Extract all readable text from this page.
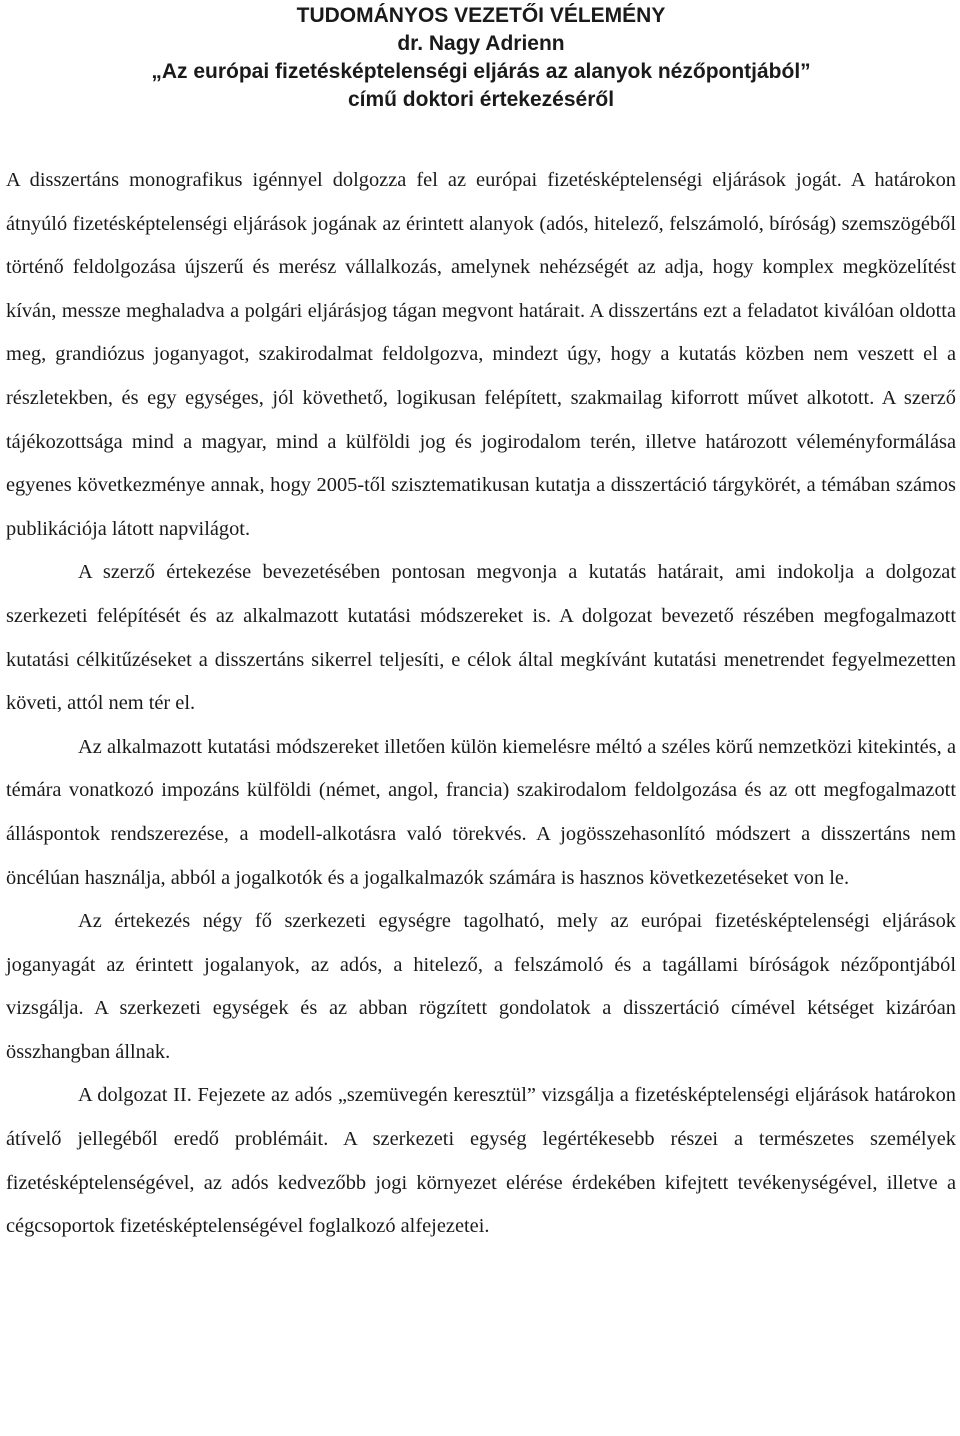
TUDOMÁNYOS VEZETŐI VÉLEMÉNY
dr. Nagy Adrienn
„Az európai fizetésképtelenségi eljárás az alanyok nézőpontjából”
című doktori értekezéséről

A disszertáns monografikus igénnyel dolgozza fel az európai fizetésképtelenségi eljárások jogát. A határokon átnyúló fizetésképtelenségi eljárások jogának az érintett alanyok (adós, hitelező, felszámoló, bíróság) szemszögéből történő feldolgozása újszerű és merész vállalkozás, amelynek nehézségét az adja, hogy komplex megközelítést kíván, messze meghaladva a polgári eljárásjog tágan megvont határait. A disszertáns ezt a feladatot kiválóan oldotta meg, grandiózus joganyagot, szakirodalmat feldolgozva, mindezt úgy, hogy a kutatás közben nem veszett el a részletekben, és egy egységes, jól követhető, logikusan felépített, szakmailag kiforrott művet alkotott. A szerző tájékozottsága mind a magyar, mind a külföldi jog és jogirodalom terén, illetve határozott véleményformálása egyenes következménye annak, hogy 2005-től szisztematikusan kutatja a disszertáció tárgykörét, a témában számos publikációja látott napvilágot.

A szerző értekezése bevezetésében pontosan megvonja a kutatás határait, ami indokolja a dolgozat szerkezeti felépítését és az alkalmazott kutatási módszereket is. A dolgozat bevezető részében megfogalmazott kutatási célkitűzéseket a disszertáns sikerrel teljesíti, e célok által megkívánt kutatási menetrendet fegyelmezetten követi, attól nem tér el.

Az alkalmazott kutatási módszereket illetően külön kiemelésre méltó a széles körű nemzetközi kitekintés, a témára vonatkozó impozáns külföldi (német, angol, francia) szakirodalom feldolgozása és az ott megfogalmazott álláspontok rendszerezése, a modell-alkotásra való törekvés. A jogösszehasonlító módszert a disszertáns nem öncélúan használja, abból a jogalkotók és a jogalkalmazók számára is hasznos következetéseket von le.

Az értekezés négy fő szerkezeti egységre tagolható, mely az európai fizetésképtelenségi eljárások joganyagát az érintett jogalanyok, az adós, a hitelező, a felszámoló és a tagállami bíróságok nézőpontjából vizsgálja. A szerkezeti egységek és az abban rögzített gondolatok a disszertáció címével kétséget kizáróan összhangban állnak.

A dolgozat II. Fejezete az adós „szemüvegén keresztül” vizsgálja a fizetésképtelenségi eljárások határokon átívelő jellegéből eredő problémáit. A szerkezeti egység legértékesebb részei a természetes személyek fizetésképtelenségével, az adós kedvezőbb jogi környezet elérése érdekében kifejtett tevékenységével, illetve a cégcsoportok fizetésképtelenségével foglalkozó alfejezetei.
